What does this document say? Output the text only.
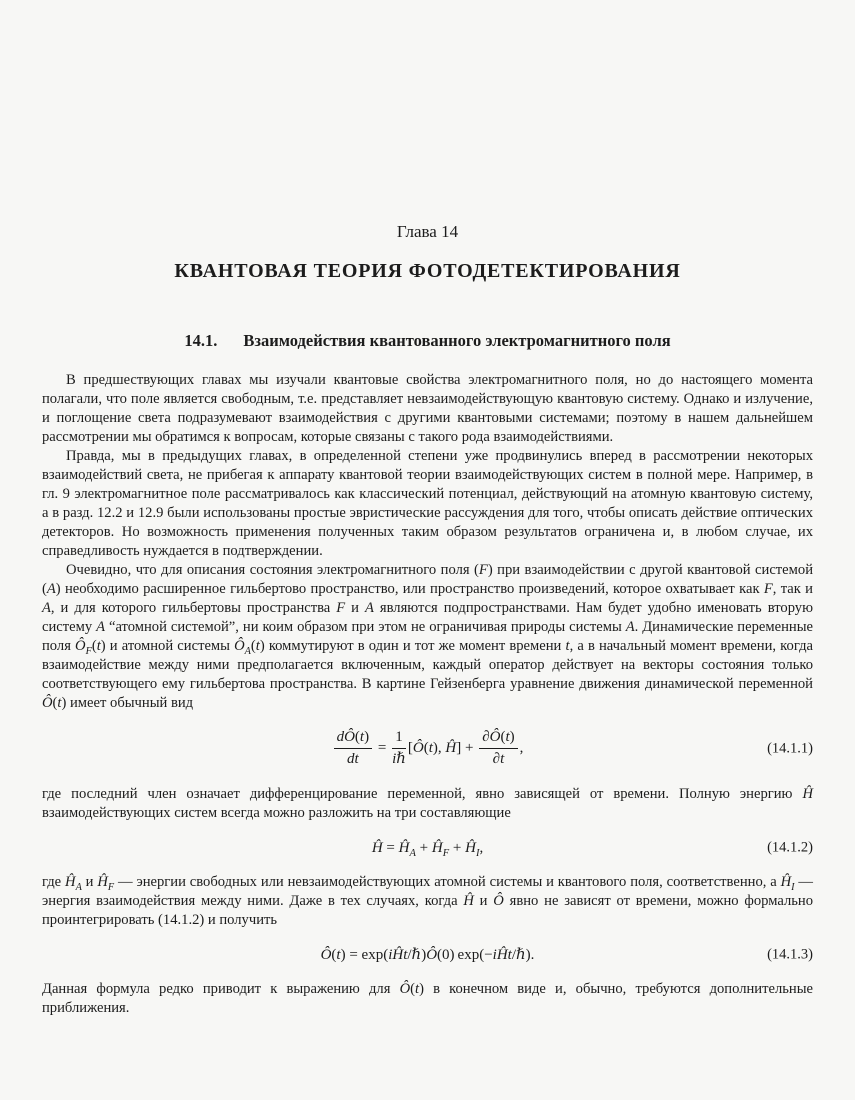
Глава 14
КВАНТОВАЯ ТЕОРИЯ ФОТОДЕТЕКТИРОВАНИЯ
14.1. Взаимодействия квантованного электромагнитного поля

В предшествующих главах мы изучали квантовые свойства электромагнитного поля, но до настоящего момента полагали, что поле является свободным, т.е. представляет невзаимодействующую квантовую систему. Однако и излучение, и поглощение света подразумевают взаимодействия с другими квантовыми системами; поэтому в нашем дальнейшем рассмотрении мы обратимся к вопросам, которые связаны с такого рода взаимодействиями.

Правда, мы в предыдущих главах, в определенной степени уже продвинулись вперед в рассмотрении некоторых взаимодействий света, не прибегая к аппарату квантовой теории взаимодействующих систем в полной мере. Например, в гл. 9 электромагнитное поле рассматривалось как классический потенциал, действующий на атомную квантовую систему, а в разд. 12.2 и 12.9 были использованы простые эвристические рассуждения для того, чтобы описать действие оптических детекторов. Но возможность применения полученных таким образом результатов ограничена и, в любом случае, их справедливость нуждается в подтверждении.

Очевидно, что для описания состояния электромагнитного поля (F) при взаимодействии с другой квантовой системой (A) необходимо расширенное гильбертово пространство, или пространство произведений, которое охватывает как F, так и A, и для которого гильбертовы пространства F и A являются подпространствами. Нам будет удобно именовать вторую систему A “атомной системой”, ни коим образом при этом не ограничивая природы системы A. Динамические переменные поля $Ô_F(t)$ и атомной системы $Ô_A(t)$ коммутируют в один и тот же момент времени t, а в начальный момент времени, когда взаимодействие между ними предполагается включенным, каждый оператор действует на векторы состояния только соответствующего ему гильбертова пространства. В картине Гейзенберга уравнение движения динамической переменной Ô(t) имеет обычный вид

$\frac{dÔ(t)}{dt} = \frac{1}{\text{iℏ}}$ [Ô(t), Ĥ] + $\frac{\partial Ô(t)}{\partial t}$ ,	(14.1.1)

где последний член означает дифференцирование переменной, явно зависящей от времени. Полную энергию Ĥ взаимодействующих систем всегда можно разложить на три составляющие

Ĥ = $Ĥ_A$ + $Ĥ_F$ + $Ĥ_I$,	(14.1.2)

где $Ĥ_A$ и $Ĥ_F$ — энергии свободных или невзаимодействующих атомной системы и квантового поля, соответственно, а $Ĥ_I$ — энергия взаимодействия между ними. Даже в тех случаях, когда Ĥ и Ô явно не зависят от времени, можно формально проинтегрировать (14.1.2) и получить

Ô(t) = exp(iĤt/ℏ)Ô(0) exp(−iĤt/ℏ).	(14.1.3)

Данная формула редко приводит к выражению для Ô(t) в конечном виде и, обычно, требуются дополнительные приближения.
